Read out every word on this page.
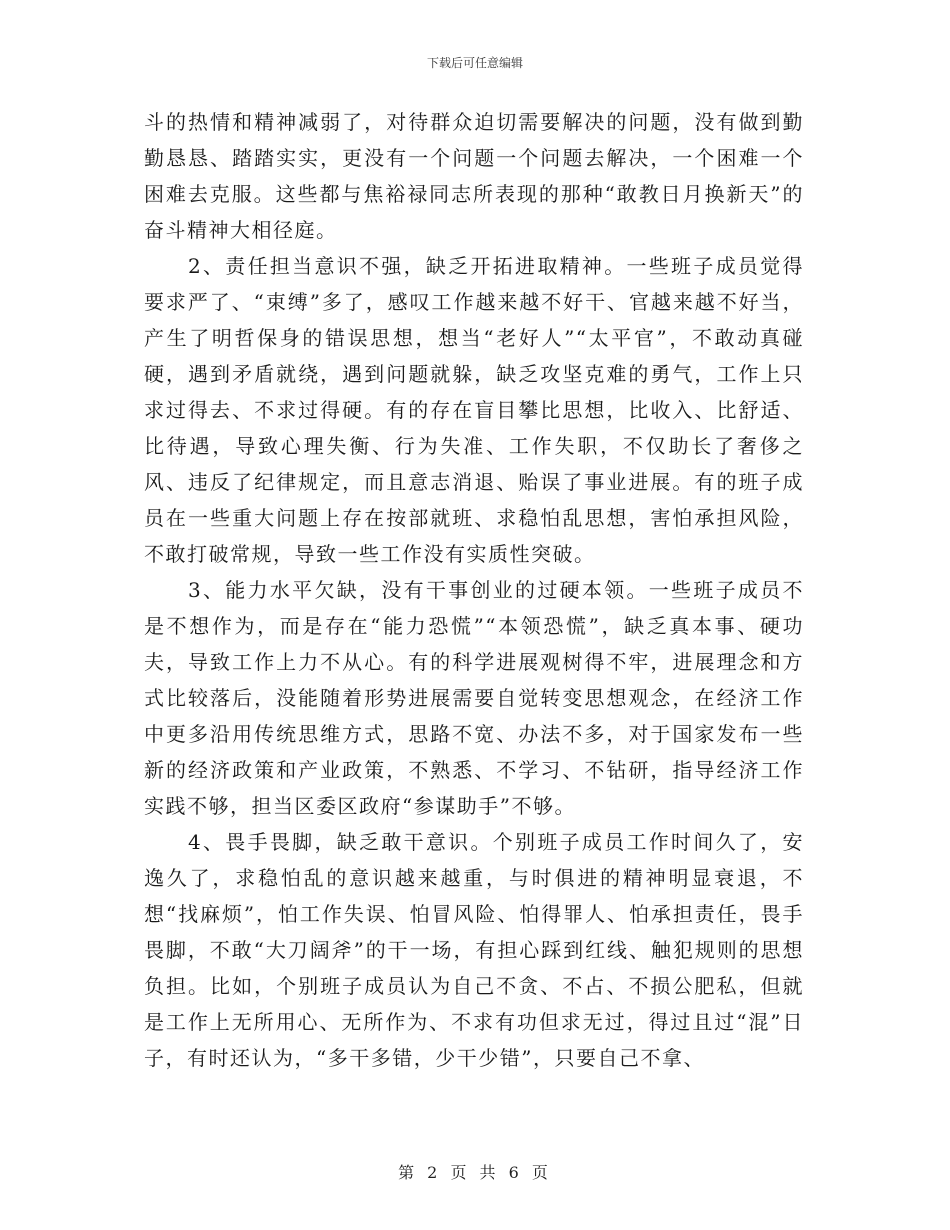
下载后可任意编辑

斗的热情和精神减弱了，对待群众迫切需要解决的问题，没有做到勤勤恳恳、踏踏实实，更没有一个问题一个问题去解决，一个困难一个困难去克服。这些都与焦裕禄同志所表现的那种“敢教日月换新天”的奋斗精神大相径庭。

2、责任担当意识不强，缺乏开拓进取精神。一些班子成员觉得要求严了、“束缚”多了，感叹工作越来越不好干、官越来越不好当，产生了明哲保身的错误思想，想当“老好人”“太平官”，不敢动真碰硬，遇到矛盾就绕，遇到问题就躲，缺乏攻坚克难的勇气，工作上只求过得去、不求过得硬。有的存在盲目攀比思想，比收入、比舒适、比待遇，导致心理失衡、行为失准、工作失职，不仅助长了奢侈之风、违反了纪律规定，而且意志消退、贻误了事业进展。有的班子成员在一些重大问题上存在按部就班、求稳怕乱思想，害怕承担风险，不敢打破常规，导致一些工作没有实质性突破。

3、能力水平欠缺，没有干事创业的过硬本领。一些班子成员不是不想作为，而是存在“能力恐慌”“本领恐慌”，缺乏真本事、硬功夫，导致工作上力不从心。有的科学进展观树得不牢，进展理念和方式比较落后，没能随着形势进展需要自觉转变思想观念，在经济工作中更多沿用传统思维方式，思路不宽、办法不多，对于国家发布一些新的经济政策和产业政策，不熟悉、不学习、不钻研，指导经济工作实践不够，担当区委区政府“参谋助手”不够。

4、畏手畏脚，缺乏敢干意识。个别班子成员工作时间久了，安逸久了，求稳怕乱的意识越来越重，与时俱进的精神明显衰退，不想“找麻烦”，怕工作失误、怕冒风险、怕得罪人、怕承担责任，畏手畏脚，不敢“大刀阔斧”的干一场，有担心踩到红线、触犯规则的思想负担。比如，个别班子成员认为自己不贪、不占、不损公肥私，但就是工作上无所用心、无所作为、不求有功但求无过，得过且过“混”日子，有时还认为，“多干多错，少干少错”，只要自己不拿、

第 2 页 共 6 页
